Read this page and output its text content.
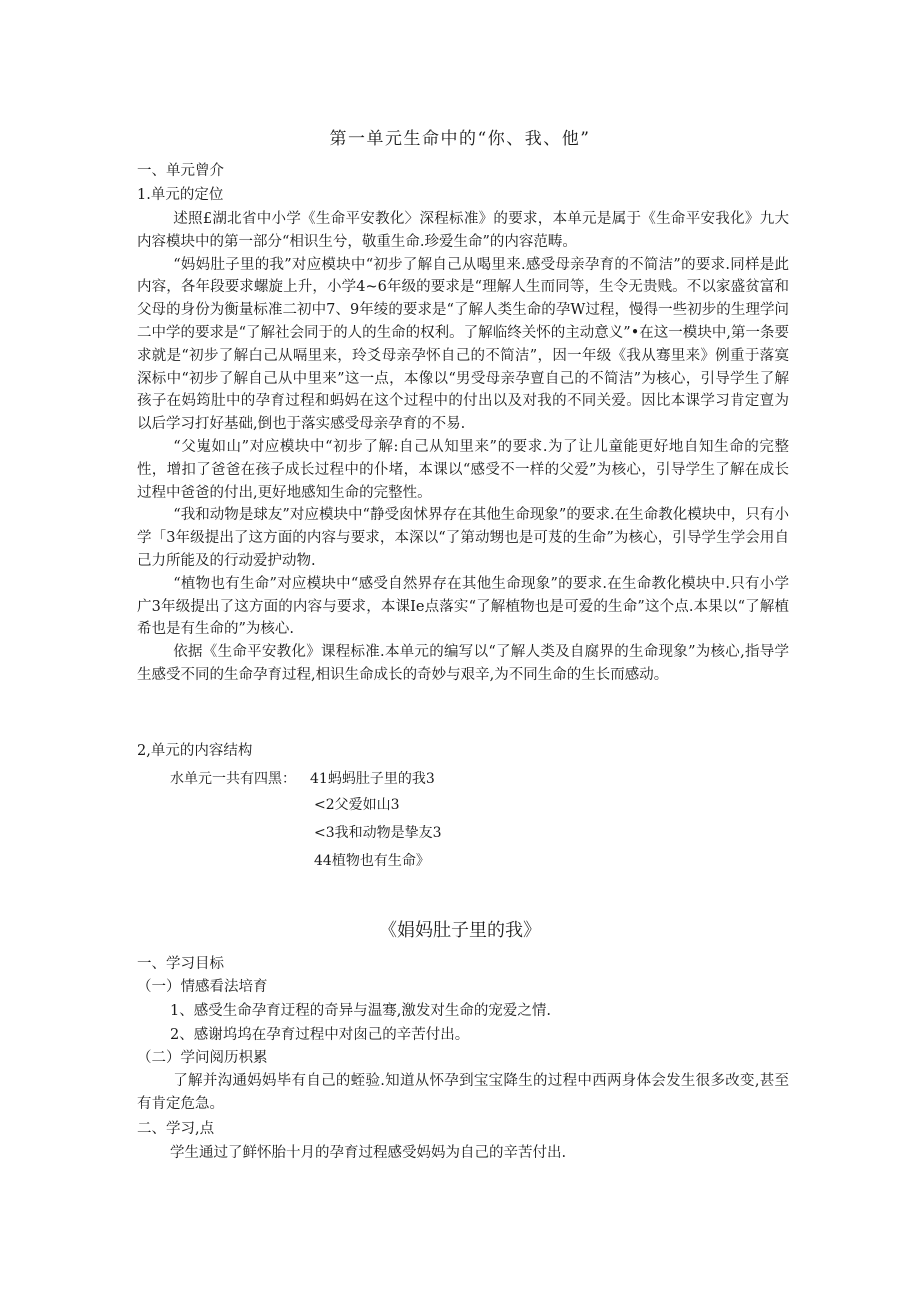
第一单元生命中的“你、我、他”
一、单元曾介
1.单元的定位

述照£湖北省中小学《生命平安教化〉深程标准》的要求，本单元是属于《生命平安我化》九大内容模块中的第一部分“相识生兮，敬重生命.珍爱生命”的内容范畴。

“妈妈肚子里的我”对应模块中“初步了解自己从喝里来.感受母亲孕育的不简洁”的要求.同样是此内容，各年段要求螺旋上升，小学4~6年级的要求是“理解人生而同等，生令无贵贱。不以家盛贫富和父母的身份为衡量标准二初中7、9年绫的要求是“了解人类生命的孕W过程，慢得一些初步的生理学问二中学的要求是“了解社会同于的人的生命的权利。了解临终关怀的主动意义”•在这一模块中,第一条要求就是“初步了解白己从嗝里来，玲爻母亲孕怀自己的不简洁”，因一年级《我从骞里来》例重于落寞深标中“初步了解自己从中里来”这一点，本像以“男受母亲孕亶自己的不简洁”为核心，引导学生了解孩子在妈筠肚中的孕育过程和蚂妈在这个过程中的付出以及对我的不同关爱。因比本课学习肯定亶为以后学习打好基础,倒也于落实感受母亲孕育的不易.

“父嵬如山”对应模块中“初步了解:自己从知里来”的要求.为了让儿童能更好地自知生命的完整性，增扣了爸爸在孩子成长过程中的仆堵，本课以“感受不一样的父爱”为核心，引导学生了解在成长过程中爸爸的付出,更好地感知生命的完整性。

“我和动物是球友”对应模块中“静受囱怵界存在其他生命现象”的要求.在生命教化模块中，只有小学「3年级提出了这方面的内容与要求，本深以“了第动甥也是可芨的生命”为核心，引导学生学会用自己力所能及的行动爱护动物.

“植物也有生命”对应模块中“感受自然界存在其他生命现象”的要求.在生命教化模块中.只有小学广3年级提出了这方面的内容与要求，本课Ie点落实“了解植物也是可爱的生命”这个点.本果以“了解植希也是有生命的”为核心.

依据《生命平安教化》课程标准.本单元的编写以“了解人类及自腐界的生命现象”为核心,指导学生感受不同的生命孕育过程,相识生命成长的奇妙与艰辛,为不同生命的生长而感动。

2,单元的内容结构
水单元一共有四黑： 41蚂蚂肚子里的我3
<2父爱如山3
<3我和动物是挚友3
44植物也有生命》
《娟妈肚子里的我》
一、学习目标
（一）情感看法培育
1、感受生命孕育迂程的奇异与温骞,激发对生命的宠爱之情.
2、感谢坞坞在孕育过程中对囱己的辛苦付出。
（二）学问阅历枳累

了解并沟通妈妈毕有自己的蛭验.知道从怀孕到宝宝降生的过程中西两身体会发生很多改变,甚至有肯定危急。

二、学习,点
学生通过了鲜怀胎十月的孕育过程感受妈妈为自己的辛苦付出.
